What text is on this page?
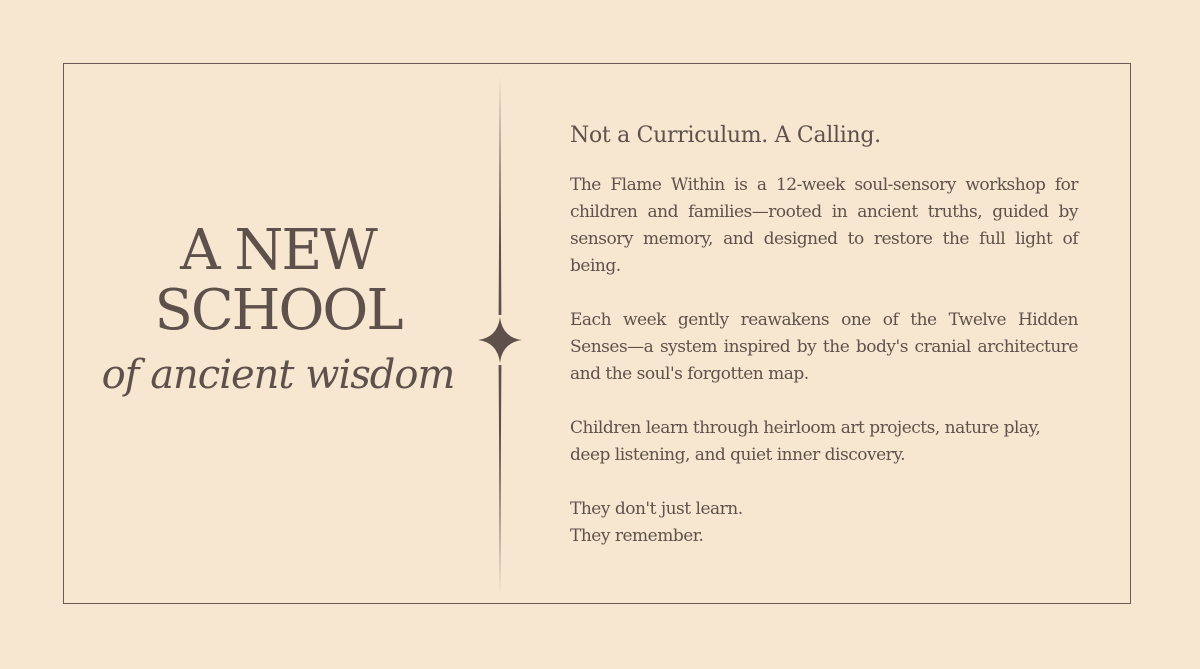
A NEW
SCHOOL
of ancient wisdom
Not a Curriculum. A Calling.

The Flame Within is a 12-week soul-sensory workshop for children and families—rooted in ancient truths, guided by sensory memory, and designed to restore the full light of being.

Each week gently reawakens one of the Twelve Hidden Senses—a system inspired by the body's cranial architecture and the soul's forgotten map.

Children learn through heirloom art projects, nature play, deep listening, and quiet inner discovery.

They don't just learn.
They remember.
